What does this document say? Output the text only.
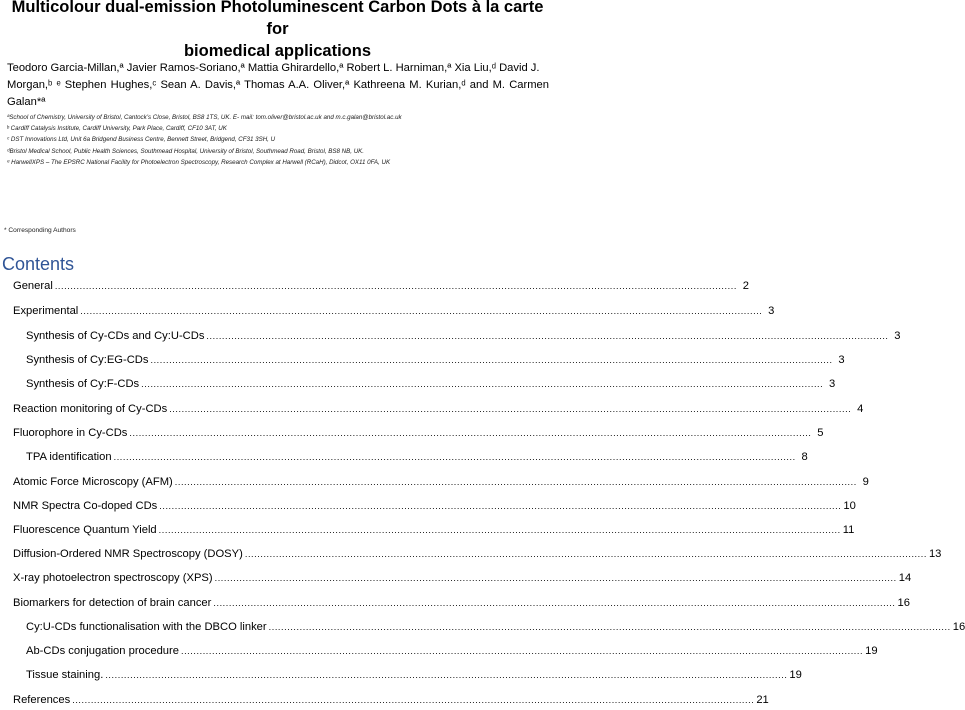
Multicolour dual-emission Photoluminescent Carbon Dots à la carte for
biomedical applications
Teodoro Garcia-Millan,ª Javier Ramos-Soriano,ª Mattia Ghirardello,ª Robert L. Harniman,ª Xia Liu,ᵈ David J.
Morgan,ᵇ ᵉ Stephen Hughes,ᶜ Sean A. Davis,ª Thomas A.A. Oliver,ª Kathreena M. Kurian,ᵈ and M. Carmen Galan*ª
ªSchool of Chemistry, University of Bristol, Cantock’s Close, Bristol, BS8 1TS, UK. E- mail: tom.oliver@bristol.ac.uk and m.c.galan@bristol.ac.uk
ᵇ Cardiff Catalysis Institute, Cardiff University, Park Place, Cardiff, CF10 3AT, UK
ᶜ DST Innovations Ltd, Unit 6a Bridgend Business Centre, Bennett Street, Bridgend, CF31 3SH, U
ᵈBristol Medical School, Public Health Sciences, Southmead Hospital, University of Bristol, Southmead Road, Bristol, BS8 NB, UK.
ᵉ HarwellXPS – The EPSRC National Facility for Photoelectron Spectroscopy, Research Complex at Harwell (RCaH), Didcot, OX11 0FA, UK
* Corresponding Authors
Contents
General ............................................................................................................................................................................................................................ 2
Experimental ............................................................................................................................................................................................................................ 3
Synthesis of Cy-CDs and Cy:U-CDs ............................................................................................................................................................................................................................ 3
Synthesis of Cy:EG-CDs ............................................................................................................................................................................................................................ 3
Synthesis of Cy:F-CDs ............................................................................................................................................................................................................................ 3
Reaction monitoring of Cy-CDs ............................................................................................................................................................................................................................ 4
Fluorophore in Cy-CDs ............................................................................................................................................................................................................................ 5
TPA identification ............................................................................................................................................................................................................................ 8
Atomic Force Microscopy (AFM) ............................................................................................................................................................................................................................ 9
NMR Spectra Co-doped CDs ............................................................................................................................................................................................................................ 10
Fluorescence Quantum Yield ............................................................................................................................................................................................................................ 11
Diffusion-Ordered NMR Spectroscopy (DOSY) ............................................................................................................................................................................................................................ 13
X-ray photoelectron spectroscopy (XPS) ............................................................................................................................................................................................................................ 14
Biomarkers for detection of brain cancer ............................................................................................................................................................................................................................ 16
Cy:U-CDs functionalisation with the DBCO linker ............................................................................................................................................................................................................................ 16
Ab-CDs conjugation procedure ............................................................................................................................................................................................................................ 19
Tissue staining. ............................................................................................................................................................................................................................ 19
References ............................................................................................................................................................................................................................ 21
